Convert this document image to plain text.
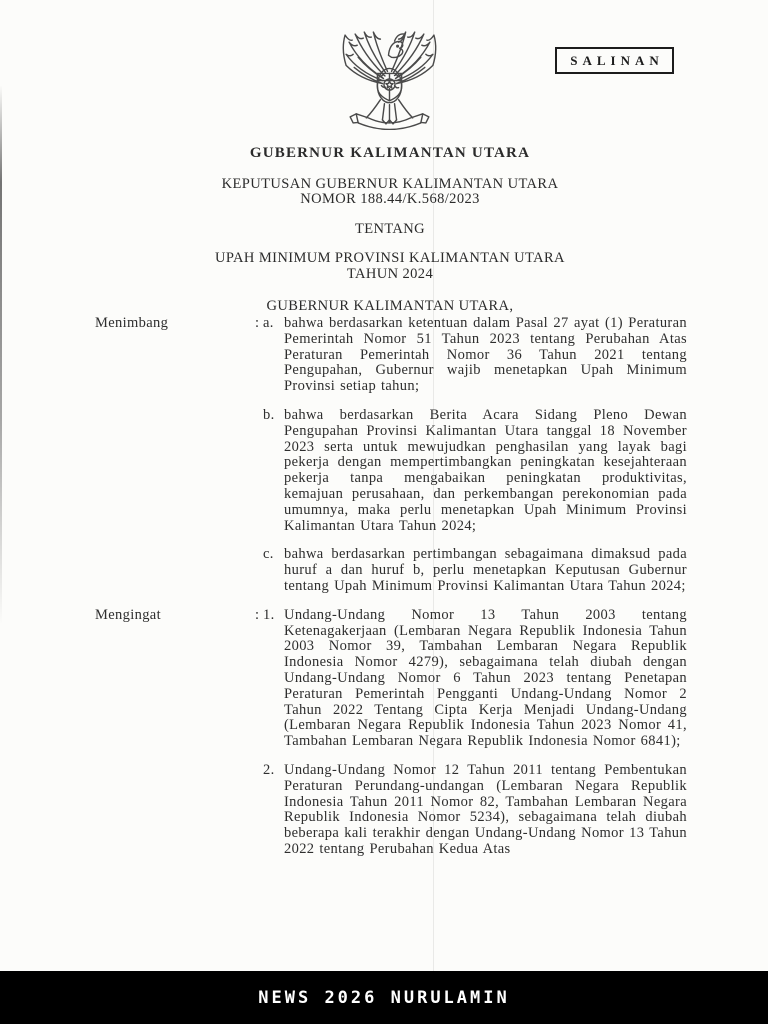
SALINAN
GUBERNUR KALIMANTAN UTARA
KEPUTUSAN GUBERNUR KALIMANTAN UTARA
NOMOR 188.44/K.568/2023
TENTANG
UPAH MINIMUM PROVINSI KALIMANTAN UTARA
TAHUN 2024
GUBERNUR KALIMANTAN UTARA,
Menimbang	: a. bahwa berdasarkan ketentuan dalam Pasal 27 ayat (1) Peraturan Pemerintah Nomor 51 Tahun 2023 tentang Perubahan Atas Peraturan Pemerintah Nomor 36 Tahun 2021 tentang Pengupahan, Gubernur wajib menetapkan Upah Minimum Provinsi setiap tahun;
b. bahwa berdasarkan Berita Acara Sidang Pleno Dewan Pengupahan Provinsi Kalimantan Utara tanggal 18 November 2023 serta untuk mewujudkan penghasilan yang layak bagi pekerja dengan mempertimbangkan peningkatan kesejahteraan pekerja tanpa mengabaikan peningkatan produktivitas, kemajuan perusahaan, dan perkembangan perekonomian pada umumnya, maka perlu menetapkan Upah Minimum Provinsi Kalimantan Utara Tahun 2024;
c. bahwa berdasarkan pertimbangan sebagaimana dimaksud pada huruf a dan huruf b, perlu menetapkan Keputusan Gubernur tentang Upah Minimum Provinsi Kalimantan Utara Tahun 2024;
Mengingat	: 1. Undang-Undang Nomor 13 Tahun 2003 tentang Ketenagakerjaan (Lembaran Negara Republik Indonesia Tahun 2003 Nomor 39, Tambahan Lembaran Negara Republik Indonesia Nomor 4279), sebagaimana telah diubah dengan Undang-Undang Nomor 6 Tahun 2023 tentang Penetapan Peraturan Pemerintah Pengganti Undang-Undang Nomor 2 Tahun 2022 Tentang Cipta Kerja Menjadi Undang-Undang (Lembaran Negara Republik Indonesia Tahun 2023 Nomor 41, Tambahan Lembaran Negara Republik Indonesia Nomor 6841);
2. Undang-Undang Nomor 12 Tahun 2011 tentang Pembentukan Peraturan Perundang-undangan (Lembaran Negara Republik Indonesia Tahun 2011 Nomor 82, Tambahan Lembaran Negara Republik Indonesia Nomor 5234), sebagaimana telah diubah beberapa kali terakhir dengan Undang-Undang Nomor 13 Tahun 2022 tentang Perubahan Kedua Atas
NEWS 2026 NURULAMIN
